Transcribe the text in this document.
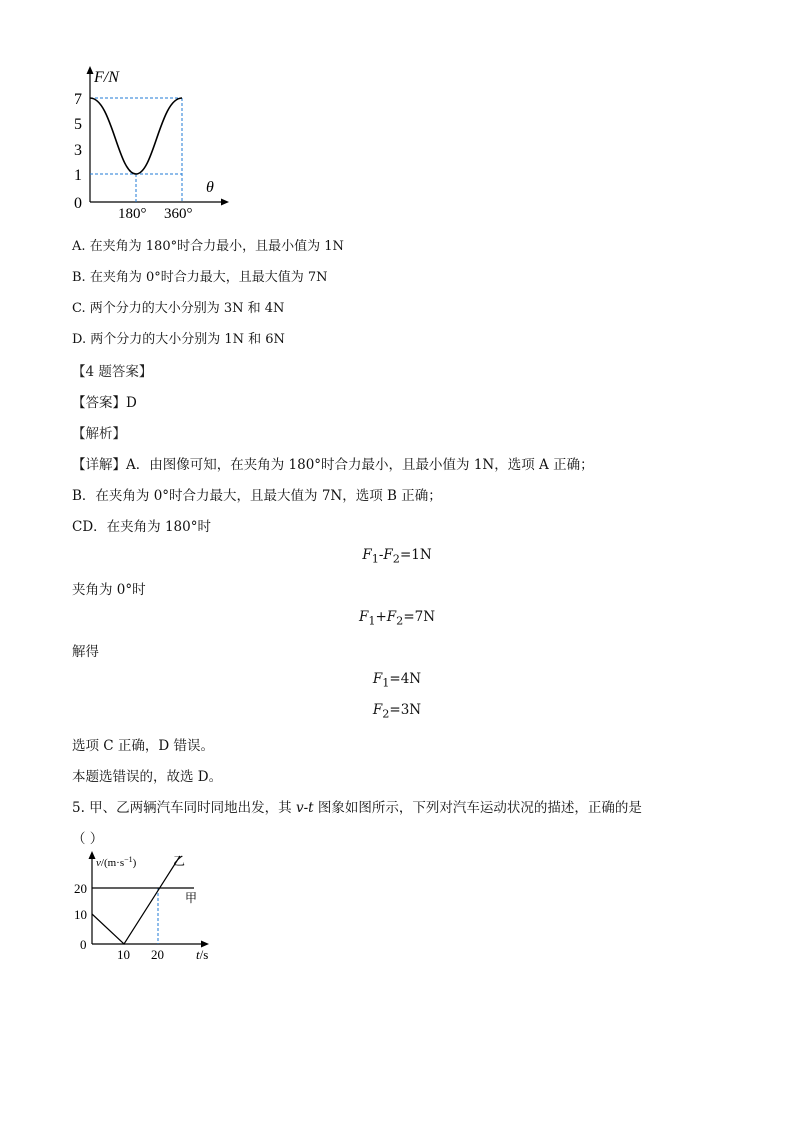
F/N
7
5
3
1
0
θ
180° 360°
A. 在夹角为 180°时合力最小，且最小值为 1N
B. 在夹角为 0°时合力最大，且最大值为 7N
C. 两个分力的大小分别为 3N 和 4N
D. 两个分力的大小分别为 1N 和 6N
【4 题答案】
【答案】D
【解析】
【详解】A．由图像可知，在夹角为 180°时合力最小，且最小值为 1N，选项 A 正确；
B．在夹角为 0°时合力最大，且最大值为 7N，选项 B 正确；
CD．在夹角为 180°时
$F_1-F_2=1N$
夹角为 0°时
$F_1+F_2=7N$
解得
$F_1=4N$
$F_2=3N$
选项 C 正确，D 错误。
本题选错误的，故选 D。
5. 甲、乙两辆汽车同时同地出发，其 v-t 图象如图所示，下列对汽车运动状况的描述，正确的是
（ ）
$v/(m\cdot s^{-1})$
20
10
0
10 20 t/s
甲
乙
